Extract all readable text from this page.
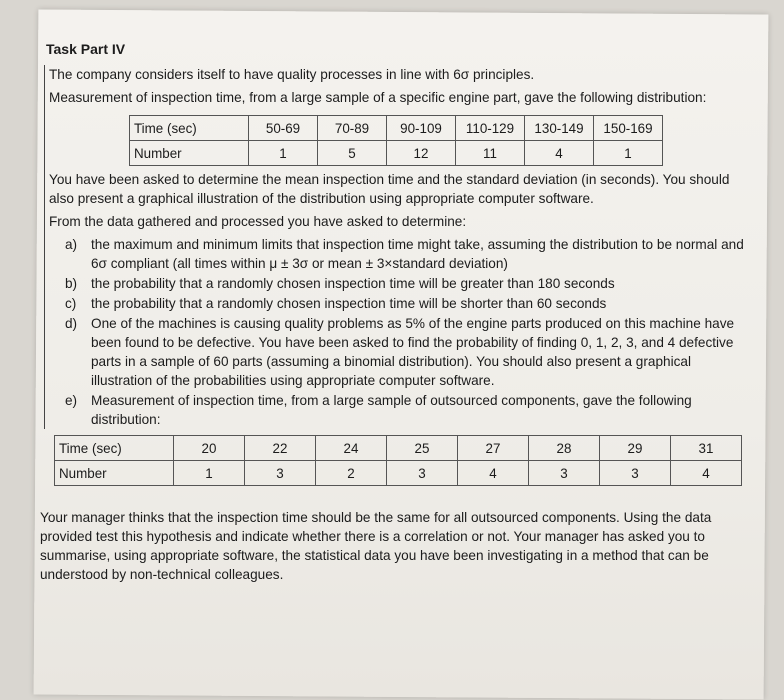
Task Part IV
The company considers itself to have quality processes in line with 6σ principles.
Measurement of inspection time, from a large sample of a specific engine part, gave the following distribution:
Time (sec)	50-69	70-89	90-109	110-129	130-149	150-169
Number	1	5	12	11	4	1
You have been asked to determine the mean inspection time and the standard deviation (in seconds). You should also present a graphical illustration of the distribution using appropriate computer software.
From the data gathered and processed you have asked to determine:
a)	the maximum and minimum limits that inspection time might take, assuming the distribution to be normal and 6σ compliant (all times within μ ± 3σ or mean ± 3×standard deviation)
b)	the probability that a randomly chosen inspection time will be greater than 180 seconds
c)	the probability that a randomly chosen inspection time will be shorter than 60 seconds
d)	One of the machines is causing quality problems as 5% of the engine parts produced on this machine have been found to be defective. You have been asked to find the probability of finding 0, 1, 2, 3, and 4 defective parts in a sample of 60 parts (assuming a binomial distribution). You should also present a graphical illustration of the probabilities using appropriate computer software.
e)	Measurement of inspection time, from a large sample of outsourced components, gave the following distribution:
Time (sec)	20	22	24	25	27	28	29	31
Number	1	3	2	3	4	3	3	4
Your manager thinks that the inspection time should be the same for all outsourced components. Using the data provided test this hypothesis and indicate whether there is a correlation or not. Your manager has asked you to summarise, using appropriate software, the statistical data you have been investigating in a method that can be understood by non-technical colleagues.
